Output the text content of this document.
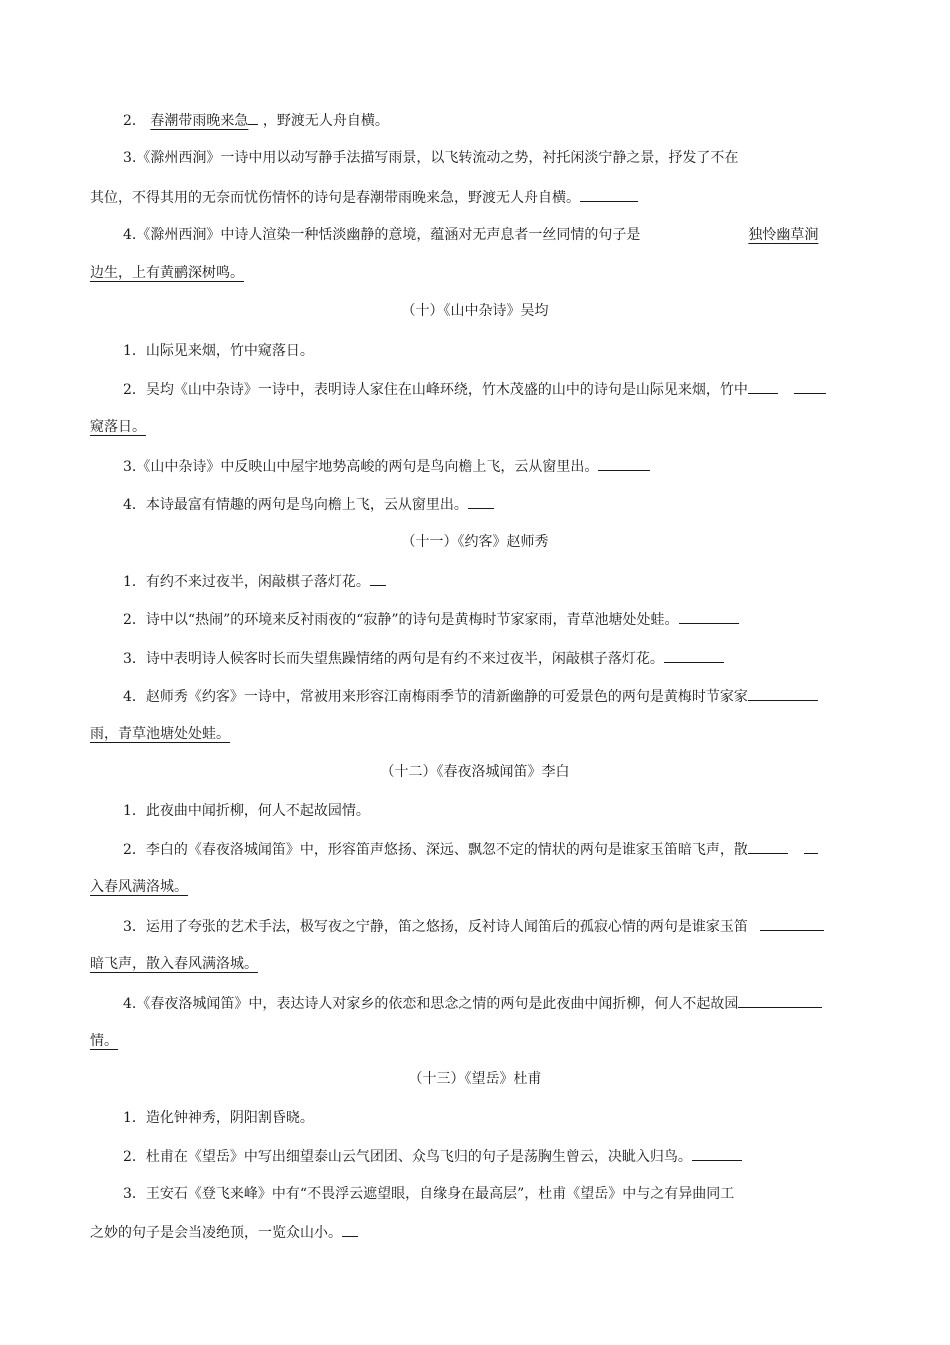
2． 春潮带雨晚来急 ，野渡无人舟自横。
3.《滁州西涧》一诗中用以动写静手法描写雨景，以飞转流动之势，衬托闲淡宁静之景，抒发了不在
其位，不得其用的无奈而忧伤情怀的诗句是春潮带雨晚来急，野渡无人舟自横。
4.《滁州西涧》中诗人渲染一种恬淡幽静的意境，蕴涵对无声息者一丝同情的句子是	独怜幽草涧
边生，上有黄鹂深树鸣。
（十）《山中杂诗》吴均
1．山际见来烟，竹中窥落日。
2．吴均《山中杂诗》一诗中，表明诗人家住在山峰环绕，竹木茂盛的山中的诗句是山际见来烟，竹中
窥落日。
3.《山中杂诗》中反映山中屋宇地势高峻的两句是鸟向檐上飞，云从窗里出。
4．本诗最富有情趣的两句是鸟向檐上飞，云从窗里出。
（十一）《约客》赵师秀
1．有约不来过夜半，闲敲棋子落灯花。
2．诗中以“热闹”的环境来反衬雨夜的“寂静”的诗句是黄梅时节家家雨，青草池塘处处蛙。
3．诗中表明诗人候客时长而失望焦躁情绪的两句是有约不来过夜半，闲敲棋子落灯花。
4．赵师秀《约客》一诗中，常被用来形容江南梅雨季节的清新幽静的可爱景色的两句是黄梅时节家家
雨，青草池塘处处蛙。
（十二）《春夜洛城闻笛》李白
1．此夜曲中闻折柳，何人不起故园情。
2．李白的《春夜洛城闻笛》中，形容笛声悠扬、深远、飘忽不定的情状的两句是谁家玉笛暗飞声，散
入春风满洛城。
3．运用了夸张的艺术手法，极写夜之宁静，笛之悠扬，反衬诗人闻笛后的孤寂心情的两句是谁家玉笛
暗飞声，散入春风满洛城。
4.《春夜洛城闻笛》中，表达诗人对家乡的依恋和思念之情的两句是此夜曲中闻折柳，何人不起故园
情。
（十三）《望岳》杜甫
1．造化钟神秀，阴阳割昏晓。
2．杜甫在《望岳》中写出细望泰山云气团团、众鸟飞归的句子是荡胸生曾云，决眦入归鸟。
3．王安石《登飞来峰》中有“不畏浮云遮望眼，自缘身在最高层”，杜甫《望岳》中与之有异曲同工
之妙的句子是会当凌绝顶，一览众山小。
